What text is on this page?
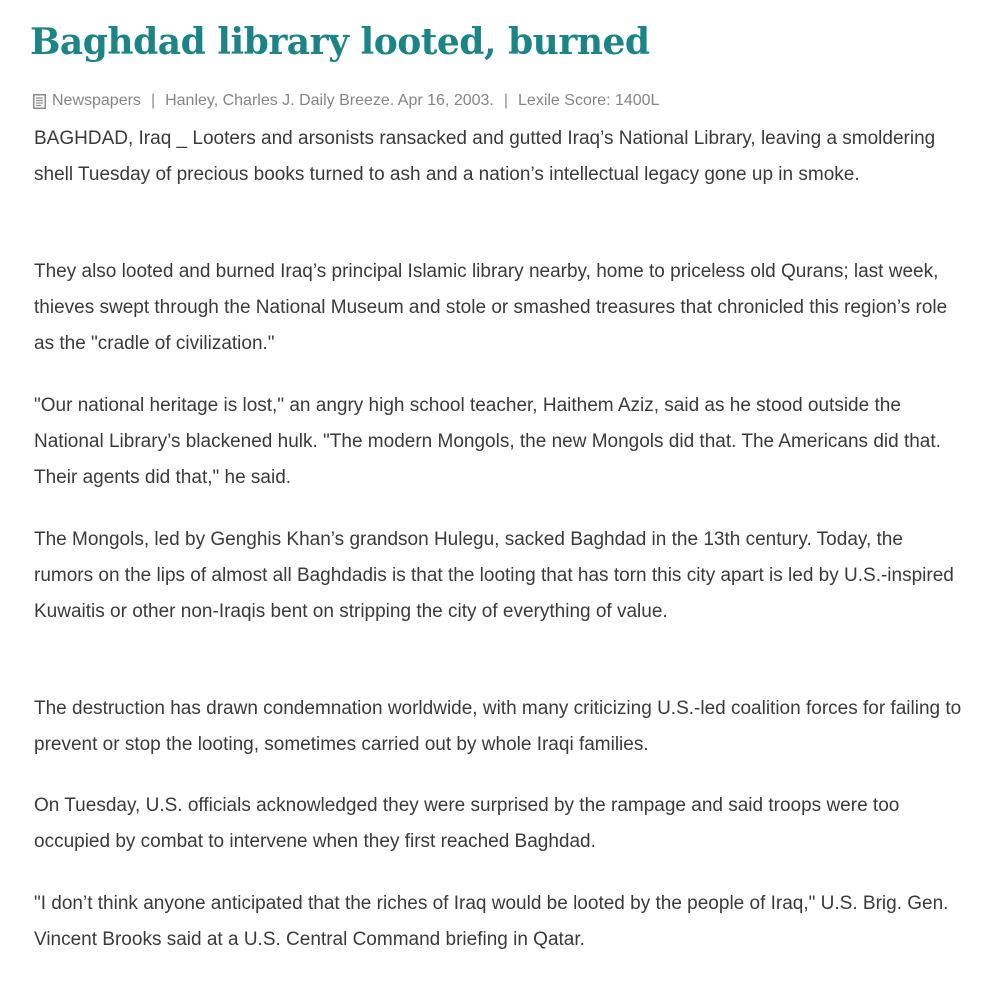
Baghdad library looted, burned
Newspapers | Hanley, Charles J. Daily Breeze. Apr 16, 2003. | Lexile Score: 1400L

BAGHDAD, Iraq _ Looters and arsonists ransacked and gutted Iraq’s National Library, leaving a smoldering shell Tuesday of precious books turned to ash and a nation’s intellectual legacy gone up in smoke.

They also looted and burned Iraq’s principal Islamic library nearby, home to priceless old Qurans; last week, thieves swept through the National Museum and stole or smashed treasures that chronicled this region’s role as the "cradle of civilization."

"Our national heritage is lost," an angry high school teacher, Haithem Aziz, said as he stood outside the National Library’s blackened hulk. "The modern Mongols, the new Mongols did that. The Americans did that. Their agents did that," he said.

The Mongols, led by Genghis Khan’s grandson Hulegu, sacked Baghdad in the 13th century. Today, the rumors on the lips of almost all Baghdadis is that the looting that has torn this city apart is led by U.S.-inspired Kuwaitis or other non-Iraqis bent on stripping the city of everything of value.

The destruction has drawn condemnation worldwide, with many criticizing U.S.-led coalition forces for failing to prevent or stop the looting, sometimes carried out by whole Iraqi families.

On Tuesday, U.S. officials acknowledged they were surprised by the rampage and said troops were too occupied by combat to intervene when they first reached Baghdad.

"I don’t think anyone anticipated that the riches of Iraq would be looted by the people of Iraq," U.S. Brig. Gen. Vincent Brooks said at a U.S. Central Command briefing in Qatar.
